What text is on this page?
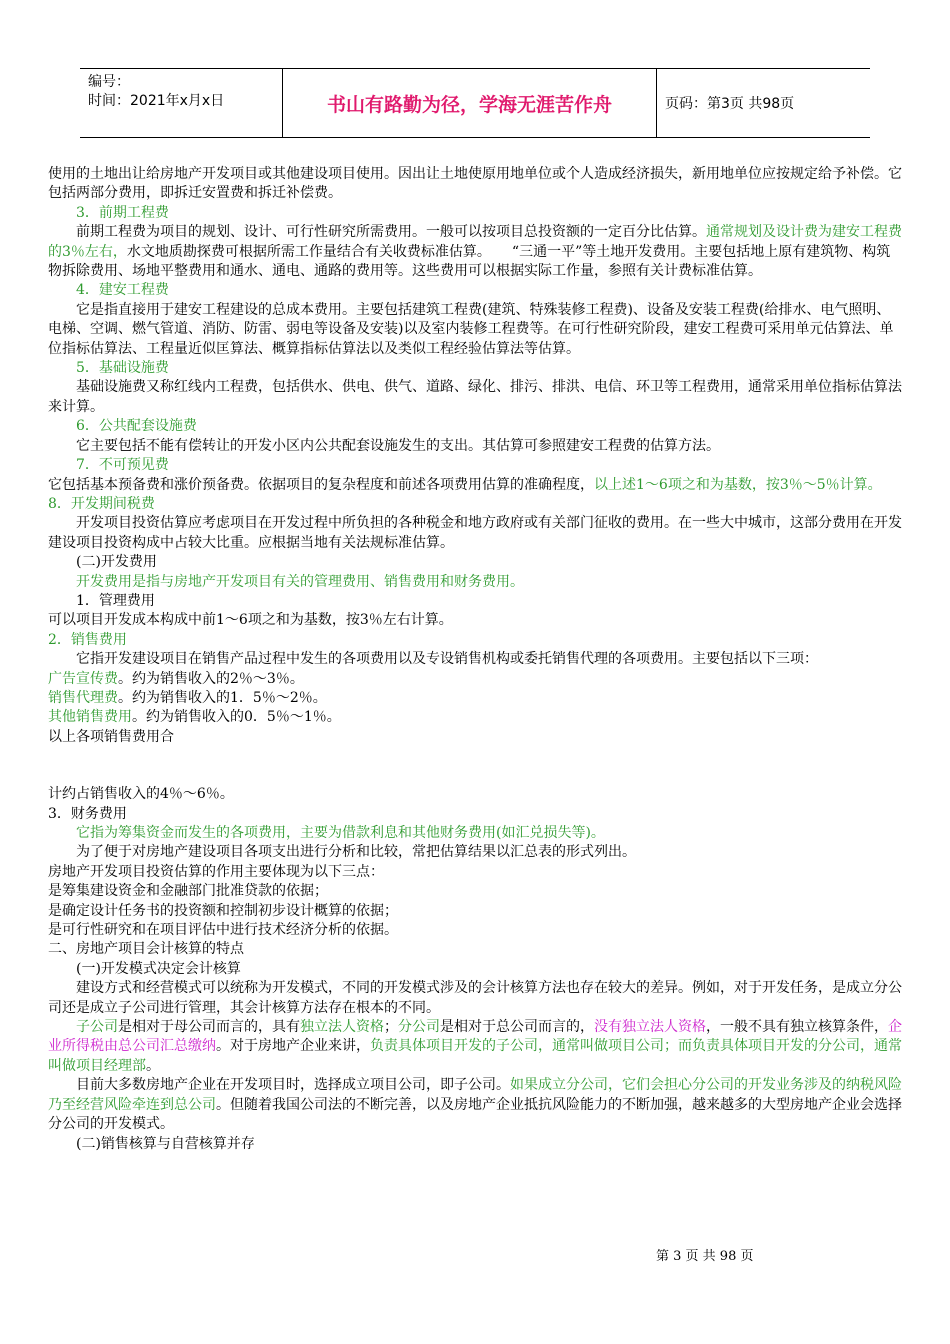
编号：
时间：2021年x月x日	书山有路勤为径，学海无涯苦作舟	页码：第3页 共98页

使用的土地出让给房地产开发项目或其他建设项目使用。因出让土地使原用地单位或个人造成经济损失，新用地单位应按规定给予补偿。它包括两部分费用，即拆迁安置费和拆迁补偿费。

3．前期工程费

前期工程费为项目的规划、设计、可行性研究所需费用。一般可以按项目总投资额的一定百分比估算。通常规划及设计费为建安工程费的3％左右，水文地质勘探费可根据所需工作量结合有关收费标准估算。　　“三通一平”等土地开发费用。主要包括地上原有建筑物、构筑物拆除费用、场地平整费用和通水、通电、通路的费用等。这些费用可以根据实际工作量，参照有关计费标准估算。

4．建安工程费

它是指直接用于建安工程建设的总成本费用。主要包括建筑工程费(建筑、特殊装修工程费)、设备及安装工程费(给排水、电气照明、电梯、空调、燃气管道、消防、防雷、弱电等设备及安装)以及室内装修工程费等。在可行性研究阶段，建安工程费可采用单元估算法、单位指标估算法、工程量近似匡算法、概算指标估算法以及类似工程经验估算法等估算。

5．基础设施费

基础设施费又称红线内工程费，包括供水、供电、供气、道路、绿化、排污、排洪、电信、环卫等工程费用，通常采用单位指标估算法来计算。

6．公共配套设施费

它主要包括不能有偿转让的开发小区内公共配套设施发生的支出。其估算可参照建安工程费的估算方法。

7．不可预见费

它包括基本预备费和涨价预备费。依据项目的复杂程度和前述各项费用估算的准确程度，以上述1～6项之和为基数，按3％～5％计算。

8．开发期间税费

开发项目投资估算应考虑项目在开发过程中所负担的各种税金和地方政府或有关部门征收的费用。在一些大中城市，这部分费用在开发建设项目投资构成中占较大比重。应根据当地有关法规标准估算。

(二)开发费用

开发费用是指与房地产开发项目有关的管理费用、销售费用和财务费用。

1．管理费用

可以项目开发成本构成中前1～6项之和为基数，按3％左右计算。

2．销售费用

它指开发建设项目在销售产品过程中发生的各项费用以及专设销售机构或委托销售代理的各项费用。主要包括以下三项：

广告宣传费。约为销售收入的2％～3％。

销售代理费。约为销售收入的1．5％～2％。

其他销售费用。约为销售收入的0．5％～1％。

以上各项销售费用合

计约占销售收入的4％～6％。

3．财务费用

它指为筹集资金而发生的各项费用，主要为借款利息和其他财务费用(如汇兑损失等)。

为了便于对房地产建设项目各项支出进行分析和比较，常把估算结果以汇总表的形式列出。

房地产开发项目投资估算的作用主要体现为以下三点：

是筹集建设资金和金融部门批准贷款的依据；

是确定设计任务书的投资额和控制初步设计概算的依据；

是可行性研究和在项目评估中进行技术经济分析的依据。

二、房地产项目会计核算的特点

(一)开发模式决定会计核算

建设方式和经营模式可以统称为开发模式，不同的开发模式涉及的会计核算方法也存在较大的差异。例如，对于开发任务，是成立分公司还是成立子公司进行管理，其会计核算方法存在根本的不同。

子公司是相对于母公司而言的，具有独立法人资格；分公司是相对于总公司而言的，没有独立法人资格，一般不具有独立核算条件，企业所得税由总公司汇总缴纳。对于房地产企业来讲，负责具体项目开发的子公司，通常叫做项目公司；而负责具体项目开发的分公司，通常叫做项目经理部。

目前大多数房地产企业在开发项目时，选择成立项目公司，即子公司。如果成立分公司，它们会担心分公司的开发业务涉及的纳税风险乃至经营风险牵连到总公司。但随着我国公司法的不断完善，以及房地产企业抵抗风险能力的不断加强，越来越多的大型房地产企业会选择分公司的开发模式。

(二)销售核算与自营核算并存

第 3 页 共 98 页
